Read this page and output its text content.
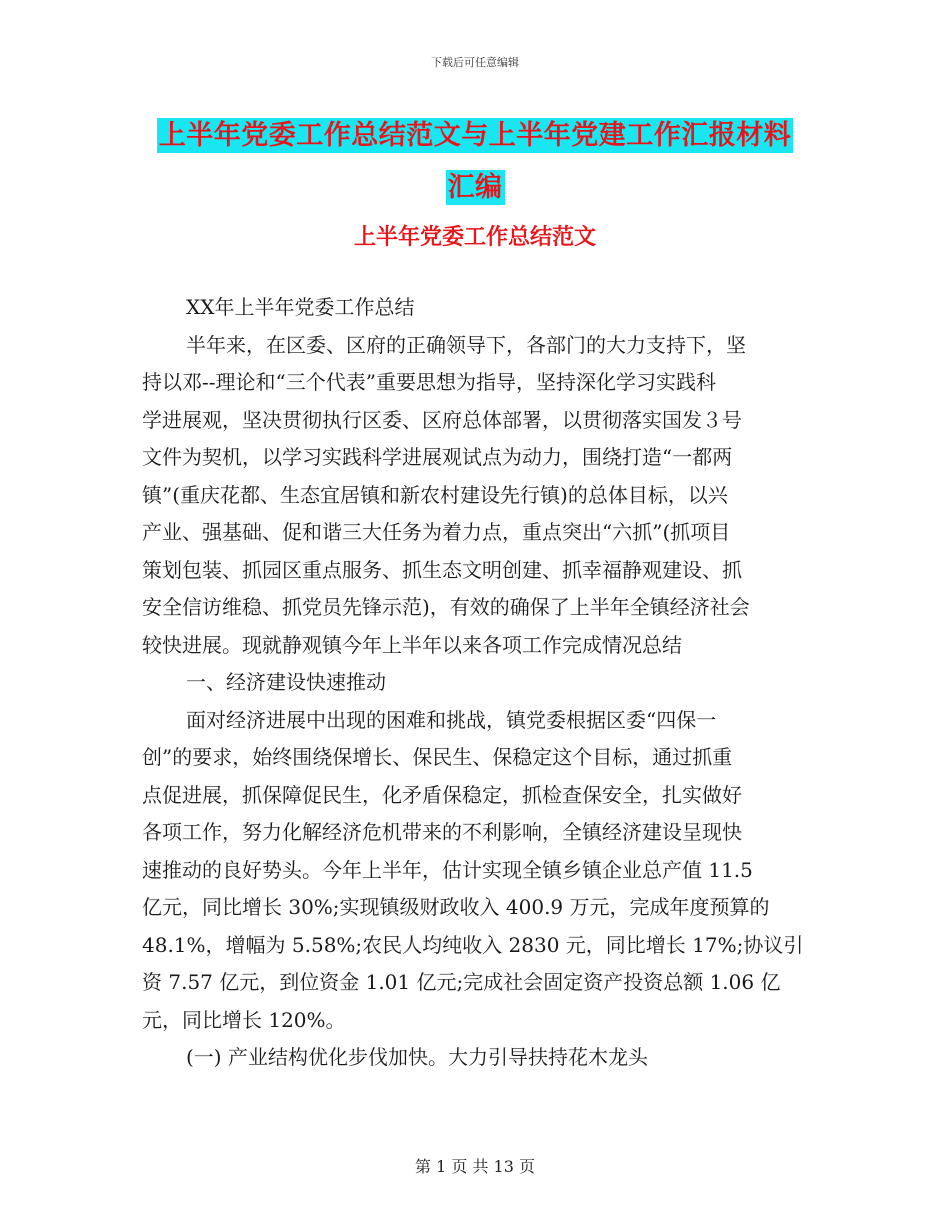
下载后可任意编辑
上半年党委工作总结范文与上半年党建工作汇报材料
汇编
上半年党委工作总结范文
XX年上半年党委工作总结
半年来，在区委、区府的正确领导下，各部门的大力支持下，坚
持以邓--理论和“三个代表”重要思想为指导，坚持深化学习实践科
学进展观，坚决贯彻执行区委、区府总体部署，以贯彻落实国发３号
文件为契机，以学习实践科学进展观试点为动力，围绕打造“一都两
镇”(重庆花都、生态宜居镇和新农村建设先行镇)的总体目标，以兴
产业、强基础、促和谐三大任务为着力点，重点突出“六抓”(抓项目
策划包装、抓园区重点服务、抓生态文明创建、抓幸福静观建设、抓
安全信访维稳、抓党员先锋示范)，有效的确保了上半年全镇经济社会
较快进展。现就静观镇今年上半年以来各项工作完成情况总结
一、经济建设快速推动
面对经济进展中出现的困难和挑战，镇党委根据区委“四保一
创”的要求，始终围绕保增长、保民生、保稳定这个目标，通过抓重
点促进展，抓保障促民生，化矛盾保稳定，抓检查保安全，扎实做好
各项工作，努力化解经济危机带来的不利影响，全镇经济建设呈现快
速推动的良好势头。今年上半年，估计实现全镇乡镇企业总产值 11.5
亿元，同比增长 30%;实现镇级财政收入 400.9 万元，完成年度预算的
48.1%，增幅为 5.58%;农民人均纯收入 2830 元，同比增长 17%;协议引
资 7.57 亿元，到位资金 1.01 亿元;完成社会固定资产投资总额 1.06 亿
元，同比增长 120%。
(一) 产业结构优化步伐加快。大力引导扶持花木龙头
第 1 页 共 13 页
